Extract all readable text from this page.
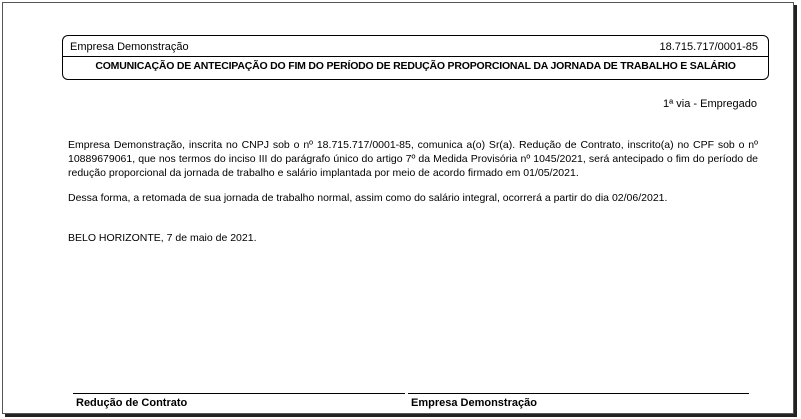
Empresa Demonstração	18.715.717/0001-85
COMUNICAÇÃO DE ANTECIPAÇÃO DO FIM DO PERÍODO DE REDUÇÃO PROPORCIONAL DA JORNADA DE TRABALHO E SALÁRIO
1ª via - Empregado
Empresa Demonstração, inscrita no CNPJ sob o nº 18.715.717/0001-85, comunica a(o) Sr(a). Redução de Contrato, inscrito(a) no CPF sob o nº 10889679061, que nos termos do inciso III do parágrafo único do artigo 7º da Medida Provisória nº 1045/2021, será antecipado o fim do período de redução proporcional da jornada de trabalho e salário implantada por meio de acordo firmado em 01/05/2021.
Dessa forma, a retomada de sua jornada de trabalho normal, assim como do salário integral, ocorrerá a partir do dia 02/06/2021.
BELO HORIZONTE, 7 de maio de 2021.
Redução de Contrato	Empresa Demonstração
